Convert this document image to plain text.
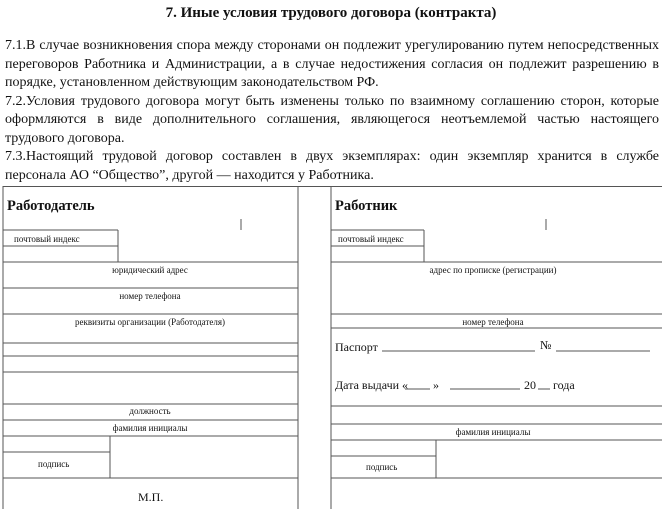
7. Иные условия трудового договора (контракта)

7.1.В случае возникновения спора между сторонами он подлежит урегулированию путем непосредственных переговоров Работника и Администрации, а в случае недостижения согласия он подлежит разрешению в порядке, установленном действующим законодательством РФ.

7.2.Условия трудового договора могут быть изменены только по взаимному соглашению сторон, которые оформляются в виде дополнительного соглашения, являющегося неотъемлемой частью настоящего трудового договора.

7.3.Настоящий трудовой договор составлен в двух экземплярах: один экземпляр хранится в службе персонала АО “Общество”, другой — находится у Работника.

Работодатель
почтовый индекс
юридический адрес
номер телефона
реквизиты организации (Работодателя)
должность
фамилия инициалы
подпись
М.П.
Работник
почтовый индекс
адрес по прописке (регистрации)
номер телефона
Паспорт	№
Дата выдачи « »	20 года
фамилия инициалы
подпись
